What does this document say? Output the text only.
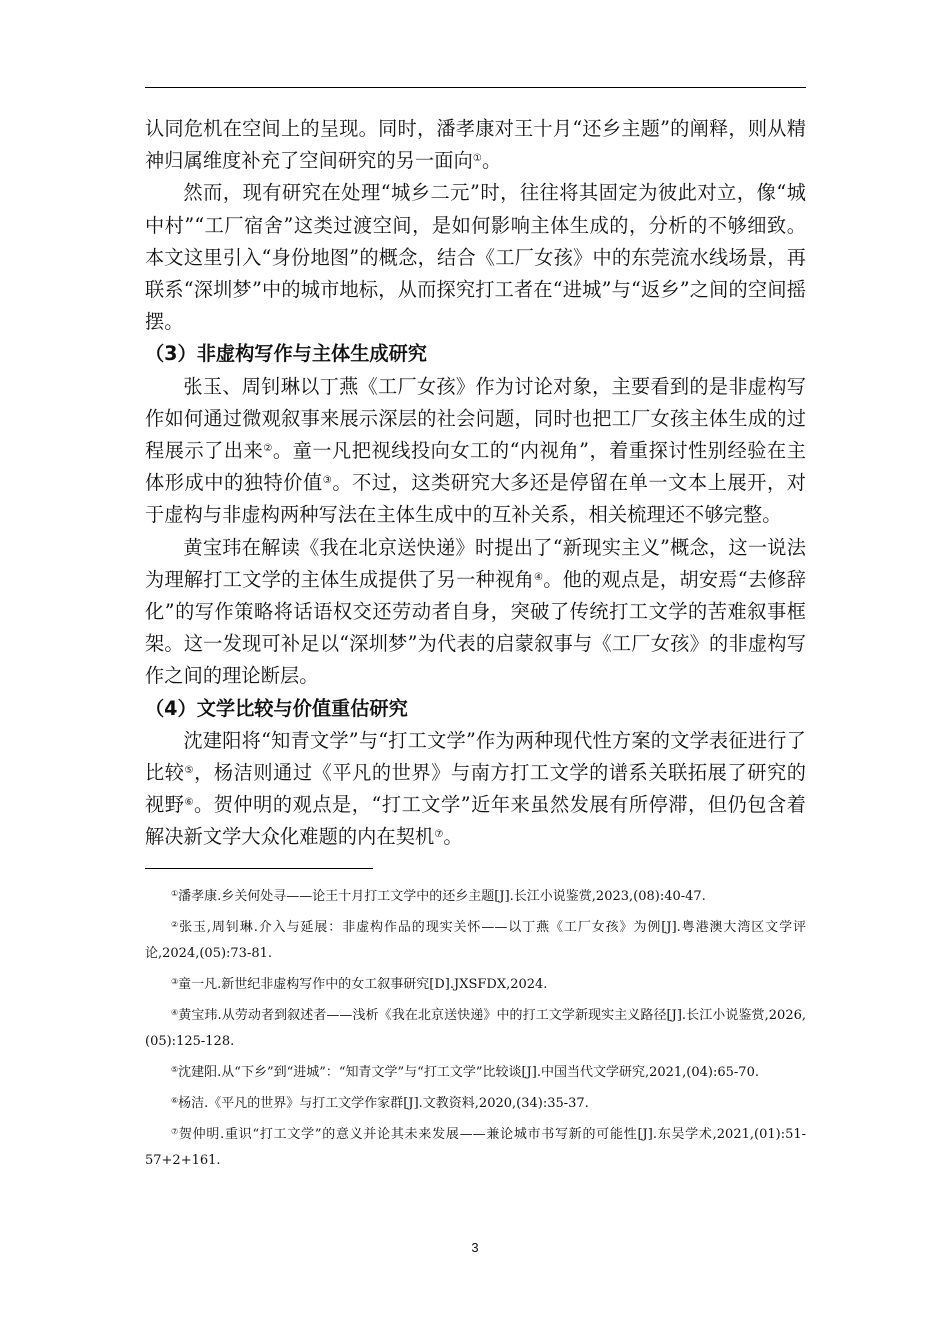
认同危机在空间上的呈现。同时，潘孝康对王十月“还乡主题”的阐释，则从精神归属维度补充了空间研究的另一面向①。

然而，现有研究在处理“城乡二元”时，往往将其固定为彼此对立，像“城中村”“工厂宿舍”这类过渡空间，是如何影响主体生成的，分析的不够细致。本文这里引入“身份地图”的概念，结合《工厂女孩》中的东莞流水线场景，再联系“深圳梦”中的城市地标，从而探究打工者在“进城”与“返乡”之间的空间摇摆。

（3）非虚构写作与主体生成研究

张玉、周钊琳以丁燕《工厂女孩》作为讨论对象，主要看到的是非虚构写作如何通过微观叙事来展示深层的社会问题，同时也把工厂女孩主体生成的过程展示了出来②。童一凡把视线投向女工的“内视角”，着重探讨性别经验在主体形成中的独特价值③。不过，这类研究大多还是停留在单一文本上展开，对于虚构与非虚构两种写法在主体生成中的互补关系，相关梳理还不够完整。

黄宝玮在解读《我在北京送快递》时提出了“新现实主义”概念，这一说法为理解打工文学的主体生成提供了另一种视角④。他的观点是，胡安焉“去修辞化”的写作策略将话语权交还劳动者自身，突破了传统打工文学的苦难叙事框架。这一发现可补足以“深圳梦”为代表的启蒙叙事与《工厂女孩》的非虚构写作之间的理论断层。

（4）文学比较与价值重估研究

沈建阳将“知青文学”与“打工文学”作为两种现代性方案的文学表征进行了比较⑤，杨洁则通过《平凡的世界》与南方打工文学的谱系关联拓展了研究的视野⑥。贺仲明的观点是，“打工文学”近年来虽然发展有所停滞，但仍包含着解决新文学大众化难题的内在契机⑦。

①潘孝康.乡关何处寻——论王十月打工文学中的还乡主题[J].长江小说鉴赏,2023,(08):40-47.

②张玉,周钊琳.介入与延展：非虚构作品的现实关怀——以丁燕《工厂女孩》为例[J].粤港澳大湾区文学评论,2024,(05):73-81.

③童一凡.新世纪非虚构写作中的女工叙事研究[D].JXSFDX,2024.

④黄宝玮.从劳动者到叙述者——浅析《我在北京送快递》中的打工文学新现实主义路径[J].长江小说鉴赏,2026,(05):125-128.

⑤沈建阳.从“下乡”到“进城”：“知青文学”与“打工文学”比较谈[J].中国当代文学研究,2021,(04):65-70.

⑥杨洁.《平凡的世界》与打工文学作家群[J].文教资料,2020,(34):35-37.

⑦贺仲明.重识“打工文学”的意义并论其未来发展——兼论城市书写新的可能性[J].东吴学术,2021,(01):51-57+2+161.

3
